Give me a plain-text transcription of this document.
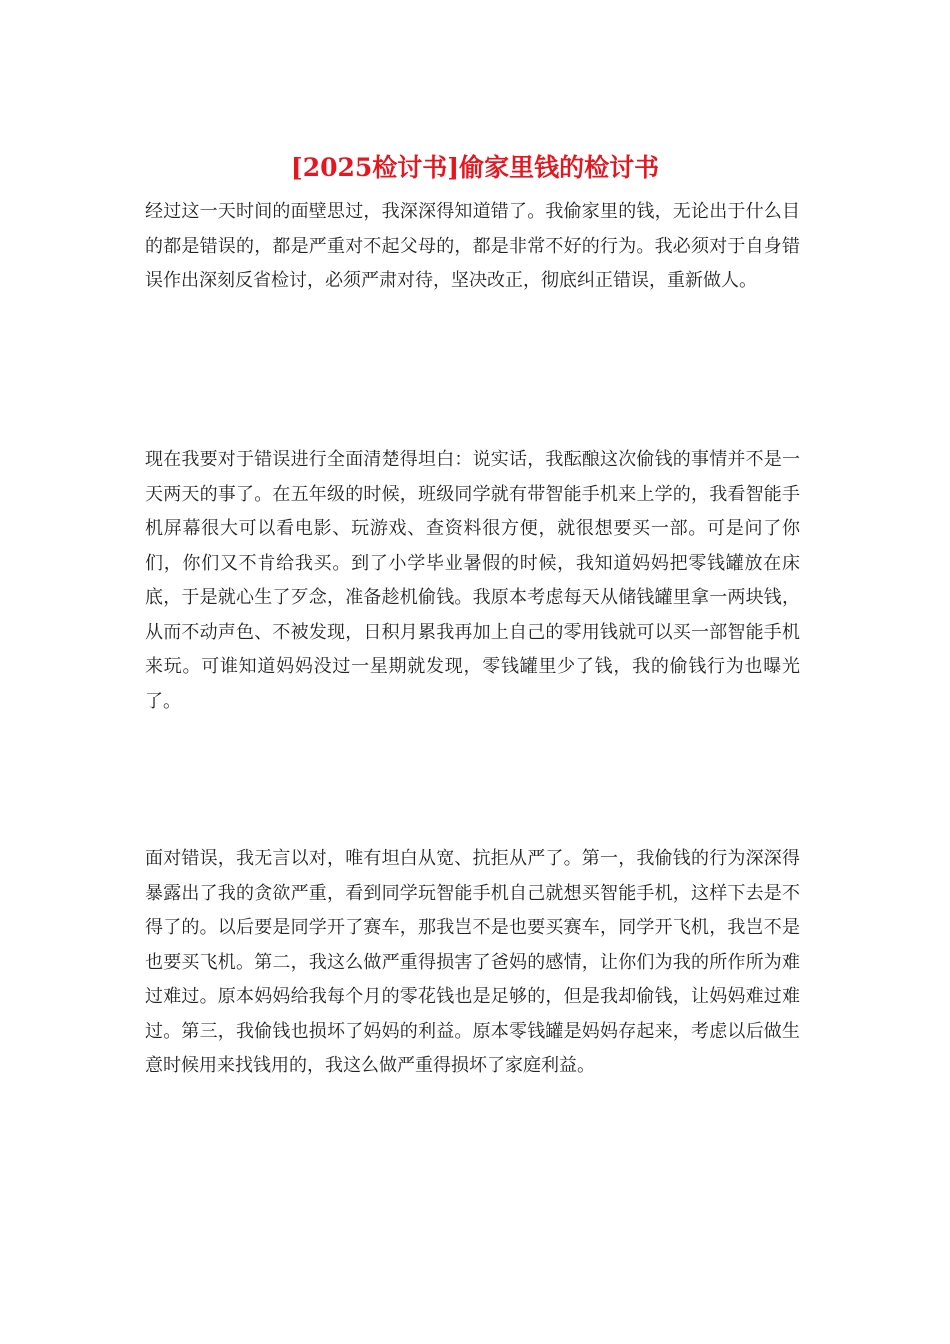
[2025检讨书]偷家里钱的检讨书

经过这一天时间的面壁思过，我深深得知道错了。我偷家里的钱，无论出于什么目的都是错误的，都是严重对不起父母的，都是非常不好的行为。我必须对于自身错误作出深刻反省检讨，必须严肃对待，坚决改正，彻底纠正错误，重新做人。

现在我要对于错误进行全面清楚得坦白：说实话，我酝酿这次偷钱的事情并不是一天两天的事了。在五年级的时候，班级同学就有带智能手机来上学的，我看智能手机屏幕很大可以看电影、玩游戏、查资料很方便，就很想要买一部。可是问了你们，你们又不肯给我买。到了小学毕业暑假的时候，我知道妈妈把零钱罐放在床底，于是就心生了歹念，准备趁机偷钱。我原本考虑每天从储钱罐里拿一两块钱，从而不动声色、不被发现，日积月累我再加上自己的零用钱就可以买一部智能手机来玩。可谁知道妈妈没过一星期就发现，零钱罐里少了钱，我的偷钱行为也曝光了。

面对错误，我无言以对，唯有坦白从宽、抗拒从严了。第一，我偷钱的行为深深得暴露出了我的贪欲严重，看到同学玩智能手机自己就想买智能手机，这样下去是不得了的。以后要是同学开了赛车，那我岂不是也要买赛车，同学开飞机，我岂不是也要买飞机。第二，我这么做严重得损害了爸妈的感情，让你们为我的所作所为难过难过。原本妈妈给我每个月的零花钱也是足够的，但是我却偷钱，让妈妈难过难过。第三，我偷钱也损坏了妈妈的利益。原本零钱罐是妈妈存起来，考虑以后做生意时候用来找钱用的，我这么做严重得损坏了家庭利益。
